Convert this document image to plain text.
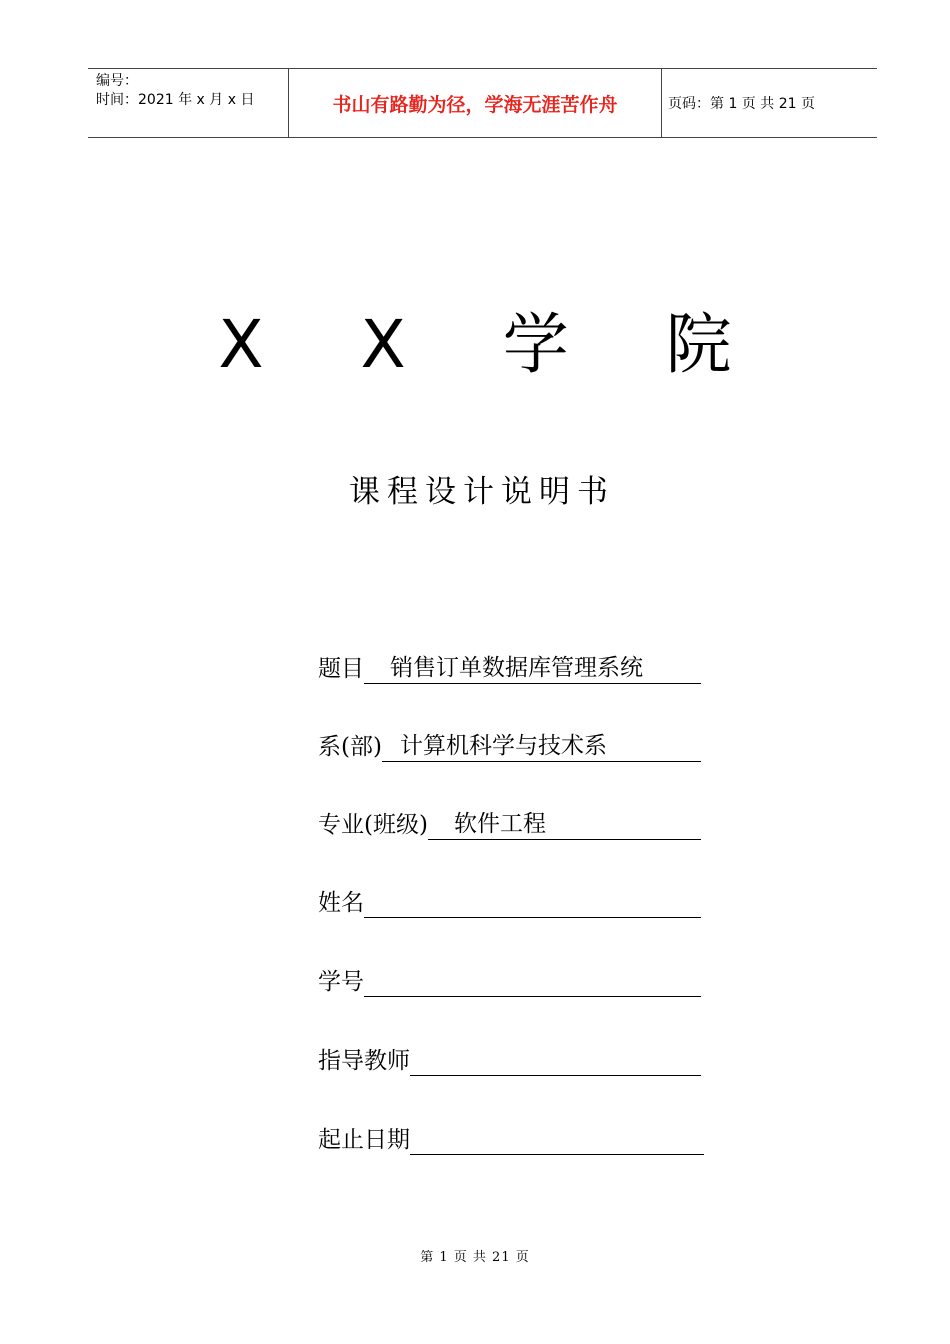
编号：
时间：2021 年 x 月 x 日	书山有路勤为径，学海无涯苦作舟	页码：第 1 页 共 21 页
X X 学 院
课程设计说明书
题目	销售订单数据库管理系统
系(部) 计算机科学与技术系
专业(班级)	软件工程
姓名
学号
指导教师
起止日期
第 1 页 共 21 页
